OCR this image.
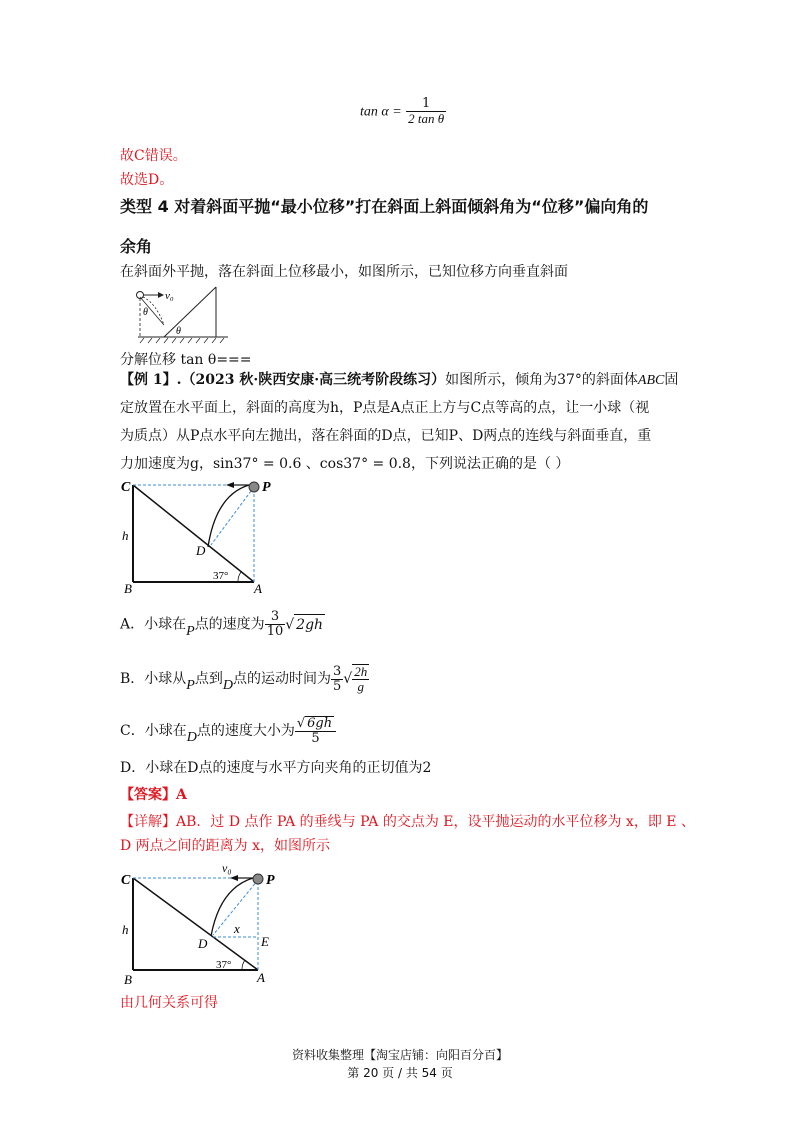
$\tan \alpha = \frac{1}{\text{2 tan θ}}$
故C错误。
故选D。
类型 4 对着斜面平抛“最小位移”打在斜面上斜面倾斜角为“位移”偏向角的
余角
在斜面外平抛，落在斜面上位移最小，如图所示，已知位移方向垂直斜面
v₀
θ
θ
分解位移 tan θ===
【例 1】.（2023 秋·陕西安康·高三统考阶段练习）如图所示，倾角为37°的斜面体ABC固
定放置在水平面上，斜面的高度为h，P点是A点正上方与C点等高的点，让一小球（视
为质点）从P点水平向左抛出，落在斜面的D点，已知P、D两点的连线与斜面垂直，重
力加速度为g，sin37° = 0.6 、cos37° = 0.8，下列说法正确的是（ ）
C	P
h
D
B	A
37°
A．小球在P点的速度为 $\frac{3}{10}$ √ 2gh
B．小球从P点到D点的运动时间为 $\frac{3}{5}$ √ $\frac{2h}{g}$
C．小球在D点的速度大小为 $\frac{√ 6gh}{5}$
D．小球在D点的速度与水平方向夹角的正切值为2
【答案】A
【详解】AB．过 D 点作 PA 的垂线与 PA 的交点为 E，设平抛运动的水平位移为 x，即 E 、
D 两点之间的距离为 x，如图所示
v₀
C	P
h
D
x
E
B	A
37°
由几何关系可得
资料收集整理【淘宝店铺：向阳百分百】
第 20 页 / 共 54 页
